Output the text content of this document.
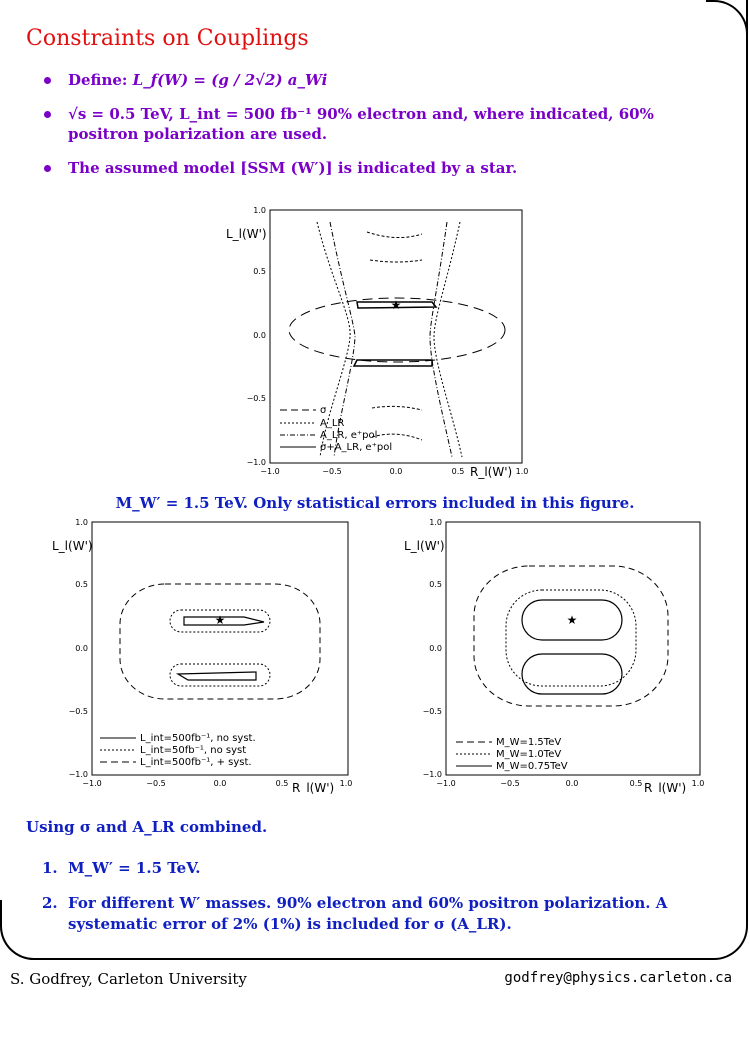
Constraints on Couplings
Define: L_f(W) = (g / 2√2) a_Wi
√s = 0.5 TeV, L_int = 500 fb⁻¹ 90% electron and, where indicated, 60%
positron polarization are used.
The assumed model [SSM (W′)] is indicated by a star.
★
1.0
0.5
0.0
−0.5
−1.0
−1.0	−0.5	0.0	0.5	1.0
L_l(W')
R_l(W')
σ
A_LR
A_LR, e⁺pol
σ+A_LR, e⁺pol
M_W′ = 1.5 TeV. Only statistical errors included in this figure.
★
1.0
0.5
0.0
−0.5
−1.0
−1.0	−0.5	0.0	0.5	1.0
L_l(W')
R_l(W')
L_int=500fb⁻¹, no syst.
L_int=50fb⁻¹, no syst
L_int=500fb⁻¹, + syst.
★
1.0
0.5
0.0
−0.5
−1.0
−1.0	−0.5	0.0	0.5	1.0
L_l(W')
R_l(W')
M_W=1.5TeV
M_W=1.0TeV
M_W=0.75TeV
Using σ and A_LR combined.
1. M_W′ = 1.5 TeV.
2. For different W′ masses. 90% electron and 60% positron polarization. A
systematic error of 2% (1%) is included for σ (A_LR).
S. Godfrey, Carleton University	godfrey@physics.carleton.ca
